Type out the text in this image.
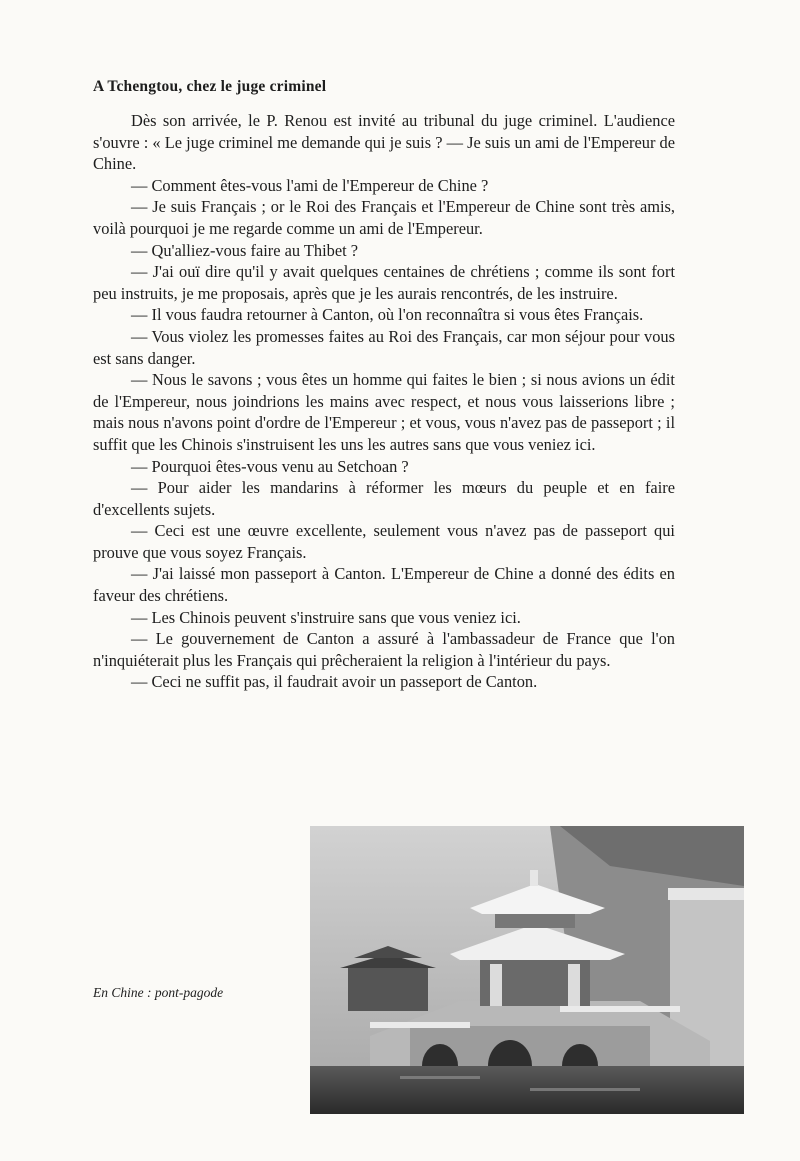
A Tchengtou, chez le juge criminel

Dès son arrivée, le P. Renou est invité au tribunal du juge criminel. L'audience s'ouvre : « Le juge criminel me demande qui je suis ? — Je suis un ami de l'Empereur de Chine.

— Comment êtes-vous l'ami de l'Empereur de Chine ?

— Je suis Français ; or le Roi des Français et l'Empereur de Chine sont très amis, voilà pourquoi je me regarde comme un ami de l'Empereur.

— Qu'alliez-vous faire au Thibet ?

— J'ai ouï dire qu'il y avait quelques centaines de chrétiens ; comme ils sont fort peu instruits, je me proposais, après que je les aurais rencontrés, de les instruire.

— Il vous faudra retourner à Canton, où l'on reconnaîtra si vous êtes Français.

— Vous violez les promesses faites au Roi des Français, car mon séjour pour vous est sans danger.

— Nous le savons ; vous êtes un homme qui faites le bien ; si nous avions un édit de l'Empereur, nous joindrions les mains avec respect, et nous vous laisserions libre ; mais nous n'avons point d'ordre de l'Empereur ; et vous, vous n'avez pas de passeport ; il suffit que les Chinois s'instruisent les uns les autres sans que vous veniez ici.

— Pourquoi êtes-vous venu au Setchoan ?

— Pour aider les mandarins à réformer les mœurs du peuple et en faire d'excellents sujets.

— Ceci est une œuvre excellente, seulement vous n'avez pas de passeport qui prouve que vous soyez Français.

— J'ai laissé mon passeport à Canton. L'Empereur de Chine a donné des édits en faveur des chrétiens.

— Les Chinois peuvent s'instruire sans que vous veniez ici.

— Le gouvernement de Canton a assuré à l'ambassadeur de France que l'on n'inquiéterait plus les Français qui prêcheraient la religion à l'intérieur du pays.

— Ceci ne suffit pas, il faudrait avoir un passeport de Canton.

En Chine : pont-pagode
